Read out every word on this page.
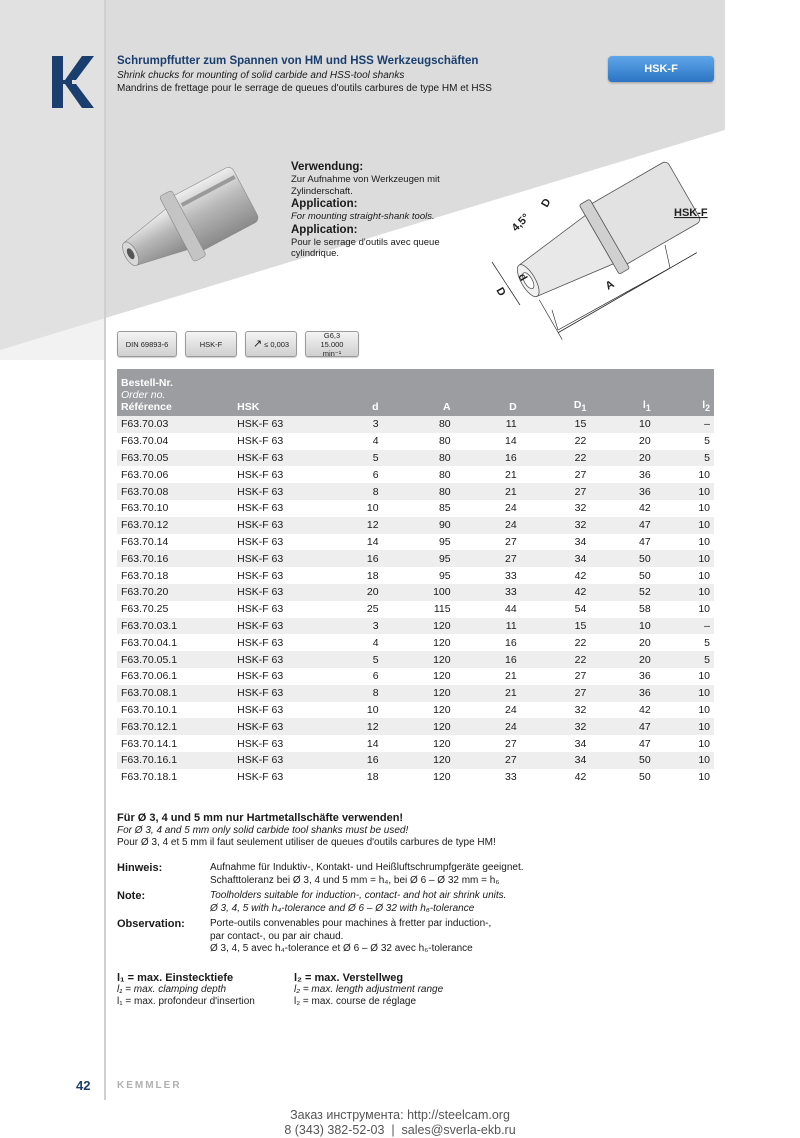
Schrumpffutter zum Spannen von HM und HSS Werkzeugschäften
Shrink chucks for mounting of solid carbide and HSS-tool shanks
Mandrins de frettage pour le serrage de queues d'outils carbures de type HM et HSS
HSK-F
Verwendung:
Zur Aufnahme von Werkzeugen mit Zylinderschaft.
Application:
For mounting straight-shank tools.
Application:
Pour le serrage d'outils avec queue cylindrique.
4,5°
D
D
d
A
HSK-F
DIN 69893-6	HSK-F	↗ ≤ 0,003
G6,3
15.000 min⁻¹
Bestell-Nr.
Order no.
Référence	HSK	d	A	D	$D_1$	$l_1$	$l_2$
F63.70.03	HSK-F 63	3	80	11	15	10	–
F63.70.04	HSK-F 63	4	80	14	22	20	5
F63.70.05	HSK-F 63	5	80	16	22	20	5
F63.70.06	HSK-F 63	6	80	21	27	36	10
F63.70.08	HSK-F 63	8	80	21	27	36	10
F63.70.10	HSK-F 63	10	85	24	32	42	10
F63.70.12	HSK-F 63	12	90	24	32	47	10
F63.70.14	HSK-F 63	14	95	27	34	47	10
F63.70.16	HSK-F 63	16	95	27	34	50	10
F63.70.18	HSK-F 63	18	95	33	42	50	10
F63.70.20	HSK-F 63	20	100	33	42	52	10
F63.70.25	HSK-F 63	25	115	44	54	58	10
F63.70.03.1	HSK-F 63	3	120	11	15	10	–
F63.70.04.1	HSK-F 63	4	120	16	22	20	5
F63.70.05.1	HSK-F 63	5	120	16	22	20	5
F63.70.06.1	HSK-F 63	6	120	21	27	36	10
F63.70.08.1	HSK-F 63	8	120	21	27	36	10
F63.70.10.1	HSK-F 63	10	120	24	32	42	10
F63.70.12.1	HSK-F 63	12	120	24	32	47	10
F63.70.14.1	HSK-F 63	14	120	27	34	47	10
F63.70.16.1	HSK-F 63	16	120	27	34	50	10
F63.70.18.1	HSK-F 63	18	120	33	42	50	10
Für Ø 3, 4 und 5 mm nur Hartmetallschäfte verwenden!
For Ø 3, 4 and 5 mm only solid carbide tool shanks must be used!
Pour Ø 3, 4 et 5 mm il faut seulement utiliser de queues d'outils carbures de type HM!
Hinweis:	Aufnahme für Induktiv-, Kontakt- und Heißluftschrumpfgeräte geeignet.
Schafttoleranz bei Ø 3, 4 und 5 mm = h₄, bei Ø 6 – Ø 32 mm = h₆
Note:	Toolholders suitable for induction-, contact- and hot air shrink units.
Ø 3, 4, 5 with h₄-tolerance and Ø 6 – Ø 32 with h₆-tolerance
Observation:	Porte-outils convenables pour machines à fretter par induction-,
par contact-, ou par air chaud.
Ø 3, 4, 5 avec h₄-tolerance et Ø 6 – Ø 32 avec h₆-tolerance
l₁ = max. Einstecktiefe
l₁ = max. clamping depth
l₁ = max. profondeur d'insertion
l₂ = max. Verstellweg
l₂ = max. length adjustment range
l₂ = max. course de réglage
42	KEMMLER
Заказ инструмента: http://steelcam.org
8 (343) 382-52-03  |  sales@sverla-ekb.ru
